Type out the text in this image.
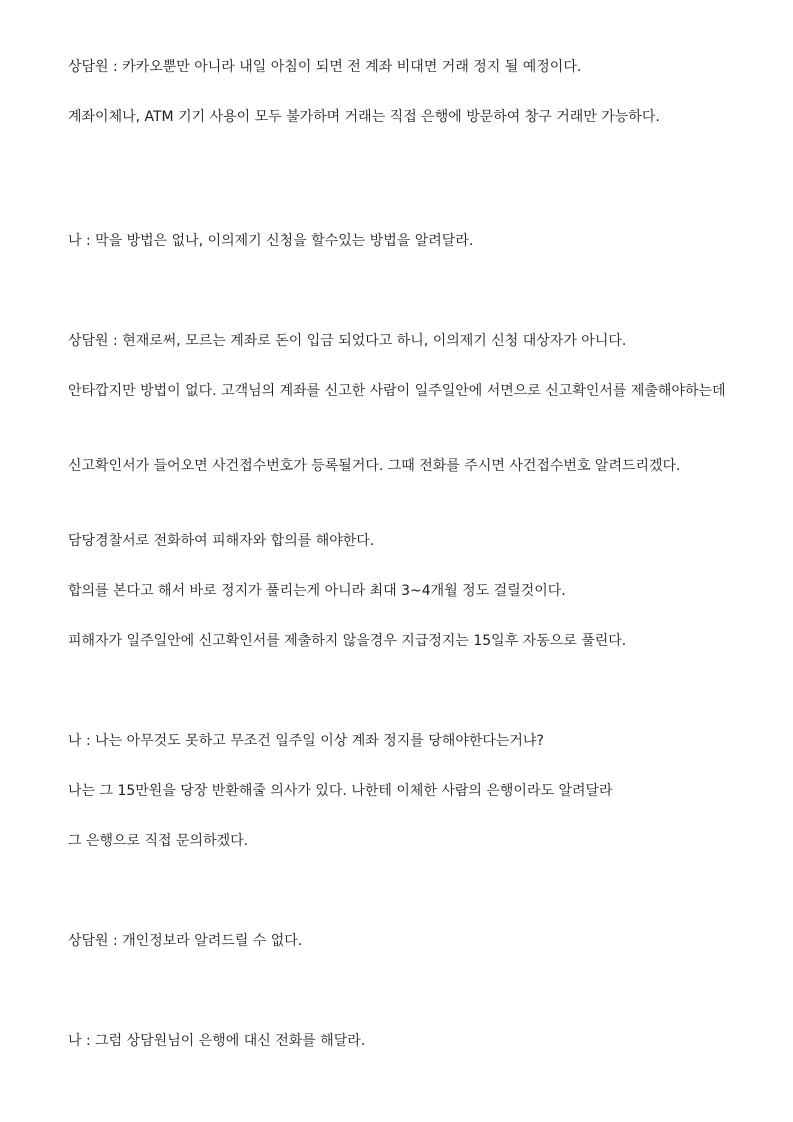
상담원 : 카카오뿐만 아니라 내일 아침이 되면 전 계좌 비대면 거래 정지 될 예정이다.

계좌이체나, ATM 기기 사용이 모두 불가하며 거래는 직접 은행에 방문하여 창구 거래만 가능하다.

나 : 막을 방법은 없나, 이의제기 신청을 할수있는 방법을 알려달라.

상담원 : 현재로써, 모르는 계좌로 돈이 입금 되었다고 하니, 이의제기 신청 대상자가 아니다.

안타깝지만 방법이 없다. 고객님의 계좌를 신고한 사람이 일주일안에 서면으로 신고확인서를 제출해야하는데

신고확인서가 들어오면 사건접수번호가 등록될거다. 그때 전화를 주시면 사건접수번호 알려드리겠다.

담당경찰서로 전화하여 피해자와 합의를 해야한다.

합의를 본다고 해서 바로 정지가 풀리는게 아니라 최대 3~4개월 정도 걸릴것이다.

피해자가 일주일안에 신고확인서를 제출하지 않을경우 지급정지는 15일후 자동으로 풀린다.

나 : 나는 아무것도 못하고 무조건 일주일 이상 계좌 정지를 당해야한다는거냐?

나는 그 15만원을 당장 반환해줄 의사가 있다. 나한테 이체한 사람의 은행이라도 알려달라

그 은행으로 직접 문의하겠다.

상담원 : 개인정보라 알려드릴 수 없다.

나 : 그럼 상담원님이 은행에 대신 전화를 해달라.
